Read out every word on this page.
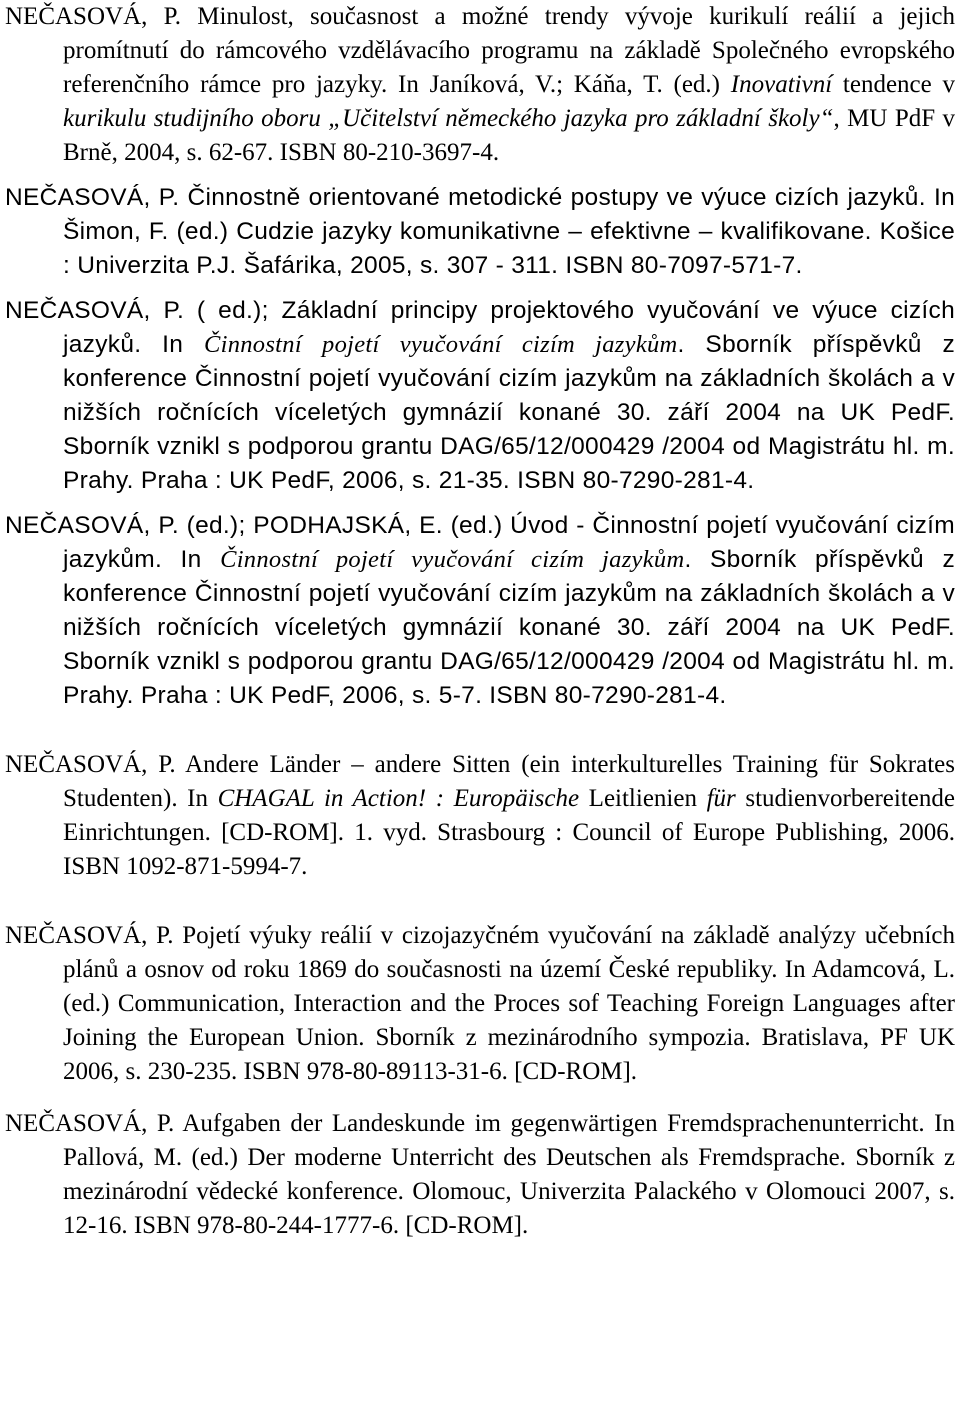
NEČASOVÁ, P. Minulost, současnost a možné trendy vývoje kurikulí reálií a jejich promítnutí do rámcového vzdělávacího programu na základě Společného evropského referenčního rámce pro jazyky. In Janíková, V.; Káňa, T. (ed.) Inovativní tendence v kurikulu studijního oboru „Učitelství německého jazyka pro základní školy“, MU PdF v Brně, 2004, s. 62-67. ISBN 80-210-3697-4.

NEČASOVÁ, P. Činnostně orientované metodické postupy ve výuce cizích jazyků. In Šimon, F. (ed.) Cudzie jazyky komunikativne – efektivne – kvalifikovane. Košice : Univerzita P.J. Šafárika, 2005, s. 307 - 311. ISBN 80-7097-571-7.

NEČASOVÁ, P. ( ed.); Základní principy projektového vyučování ve výuce cizích jazyků. In Činnostní pojetí vyučování cizím jazykům. Sborník příspěvků z konference Činnostní pojetí vyučování cizím jazykům na základních školách a v nižších ročnících víceletých gymnázií konané 30. září 2004 na UK PedF. Sborník vznikl s podporou grantu DAG/65/12/000429 /2004 od Magistrátu hl. m. Prahy. Praha : UK PedF, 2006, s. 21-35. ISBN 80-7290-281-4.

NEČASOVÁ, P. (ed.); PODHAJSKÁ, E. (ed.) Úvod - Činnostní pojetí vyučování cizím jazykům. In Činnostní pojetí vyučování cizím jazykům. Sborník příspěvků z konference Činnostní pojetí vyučování cizím jazykům na základních školách a v nižších ročnících víceletých gymnázií konané 30. září 2004 na UK PedF. Sborník vznikl s podporou grantu DAG/65/12/000429 /2004 od Magistrátu hl. m. Prahy. Praha : UK PedF, 2006, s. 5-7. ISBN 80-7290-281-4.

NEČASOVÁ, P. Andere Länder – andere Sitten (ein interkulturelles Training für Sokrates Studenten). In CHAGAL in Action! : Europäische Leitlienien für studienvorbereitende Einrichtungen. [CD-ROM]. 1. vyd. Strasbourg : Council of Europe Publishing, 2006. ISBN 1092-871-5994-7.

NEČASOVÁ, P. Pojetí výuky reálií v cizojazyčném vyučování na základě analýzy učebních plánů a osnov od roku 1869 do současnosti na území České republiky. In Adamcová, L. (ed.) Communication, Interaction and the Proces sof Teaching Foreign Languages after Joining the European Union. Sborník z mezinárodního sympozia. Bratislava, PF UK 2006, s. 230-235. ISBN 978-80-89113-31-6. [CD-ROM].

NEČASOVÁ, P. Aufgaben der Landeskunde im gegenwärtigen Fremdsprachenunterricht. In Pallová, M. (ed.) Der moderne Unterricht des Deutschen als Fremdsprache. Sborník z mezinárodní vědecké konference. Olomouc, Univerzita Palackého v Olomouci 2007, s. 12-16. ISBN 978-80-244-1777-6. [CD-ROM].
